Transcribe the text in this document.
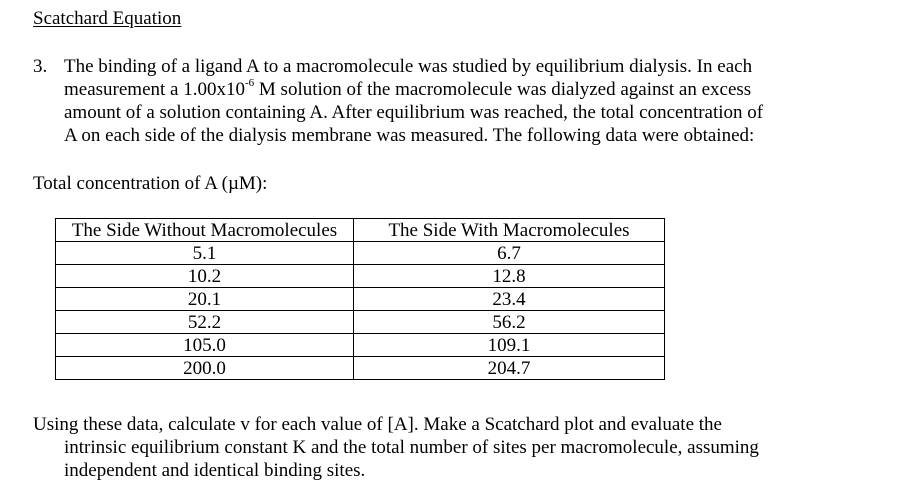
Scatchard Equation
3. The binding of a ligand A to a macromolecule was studied by equilibrium dialysis. In each
measurement a $1.00x10^{-6}$ M solution of the macromolecule was dialyzed against an excess
amount of a solution containing A. After equilibrium was reached, the total concentration of
A on each side of the dialysis membrane was measured. The following data were obtained:
Total concentration of A (µM):
The Side Without Macromolecules	The Side With Macromolecules
5.1	6.7
10.2	12.8
20.1	23.4
52.2	56.2
105.0	109.1
200.0	204.7
Using these data, calculate v for each value of [A]. Make a Scatchard plot and evaluate the
intrinsic equilibrium constant K and the total number of sites per macromolecule, assuming
independent and identical binding sites.
